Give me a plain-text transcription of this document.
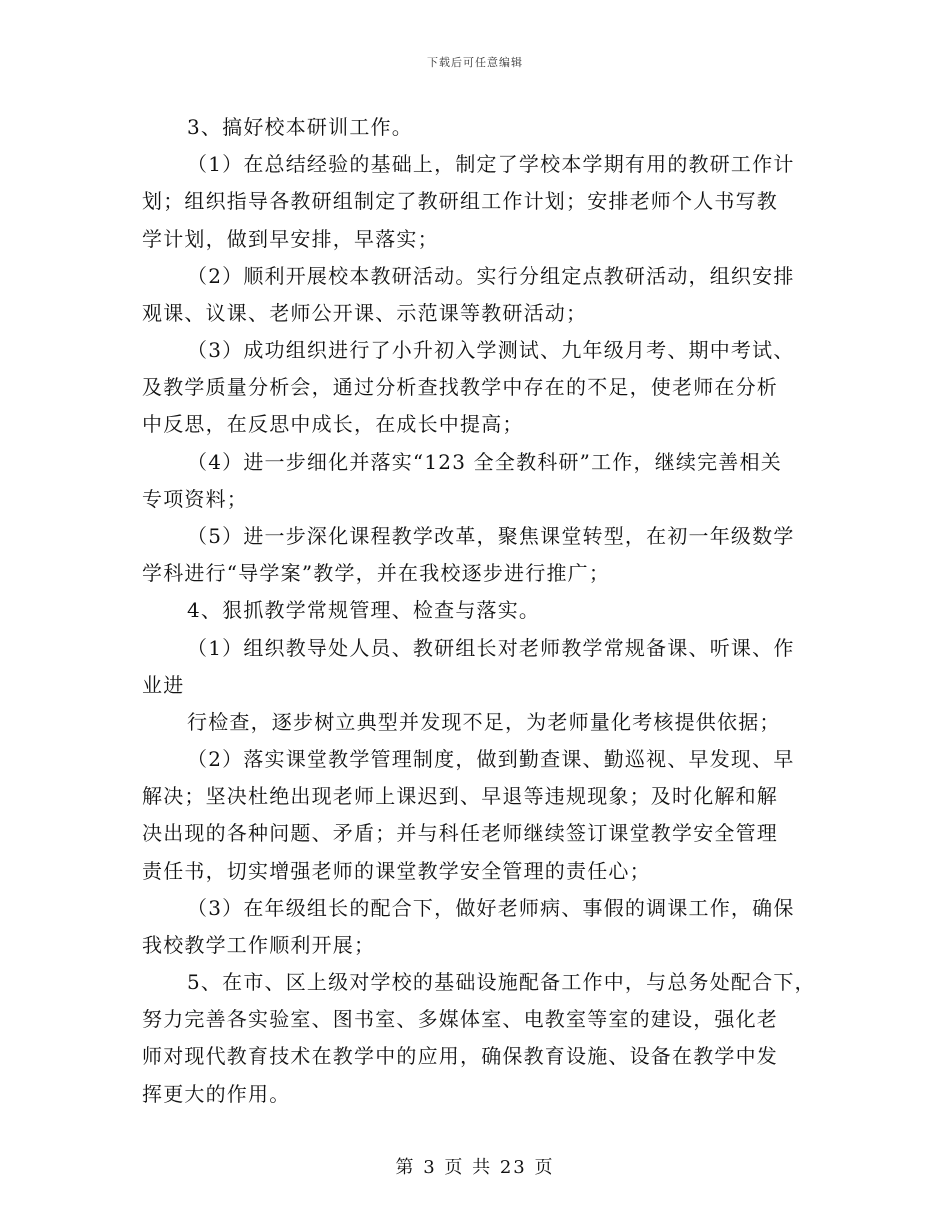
下载后可任意编辑
3、搞好校本研训工作。
（1）在总结经验的基础上，制定了学校本学期有用的教研工作计
划；组织指导各教研组制定了教研组工作计划；安排老师个人书写教
学计划，做到早安排，早落实；
（2）顺利开展校本教研活动。实行分组定点教研活动，组织安排
观课、议课、老师公开课、示范课等教研活动；
（3）成功组织进行了小升初入学测试、九年级月考、期中考试、
及教学质量分析会，通过分析查找教学中存在的不足，使老师在分析
中反思，在反思中成长，在成长中提高；
（4）进一步细化并落实“123 全全教科研”工作，继续完善相关
专项资料；
（5）进一步深化课程教学改革，聚焦课堂转型，在初一年级数学
学科进行“导学案”教学，并在我校逐步进行推广；
4、狠抓教学常规管理、检查与落实。
（1）组织教导处人员、教研组长对老师教学常规备课、听课、作
业进
行检查，逐步树立典型并发现不足，为老师量化考核提供依据；
（2）落实课堂教学管理制度，做到勤查课、勤巡视、早发现、早
解决；坚决杜绝出现老师上课迟到、早退等违规现象；及时化解和解
决出现的各种问题、矛盾；并与科任老师继续签订课堂教学安全管理
责任书，切实增强老师的课堂教学安全管理的责任心；
（3）在年级组长的配合下，做好老师病、事假的调课工作，确保
我校教学工作顺利开展；
5、在市、区上级对学校的基础设施配备工作中，与总务处配合下，
努力完善各实验室、图书室、多媒体室、电教室等室的建设，强化老
师对现代教育技术在教学中的应用，确保教育设施、设备在教学中发
挥更大的作用。
第 3 页 共 23 页
